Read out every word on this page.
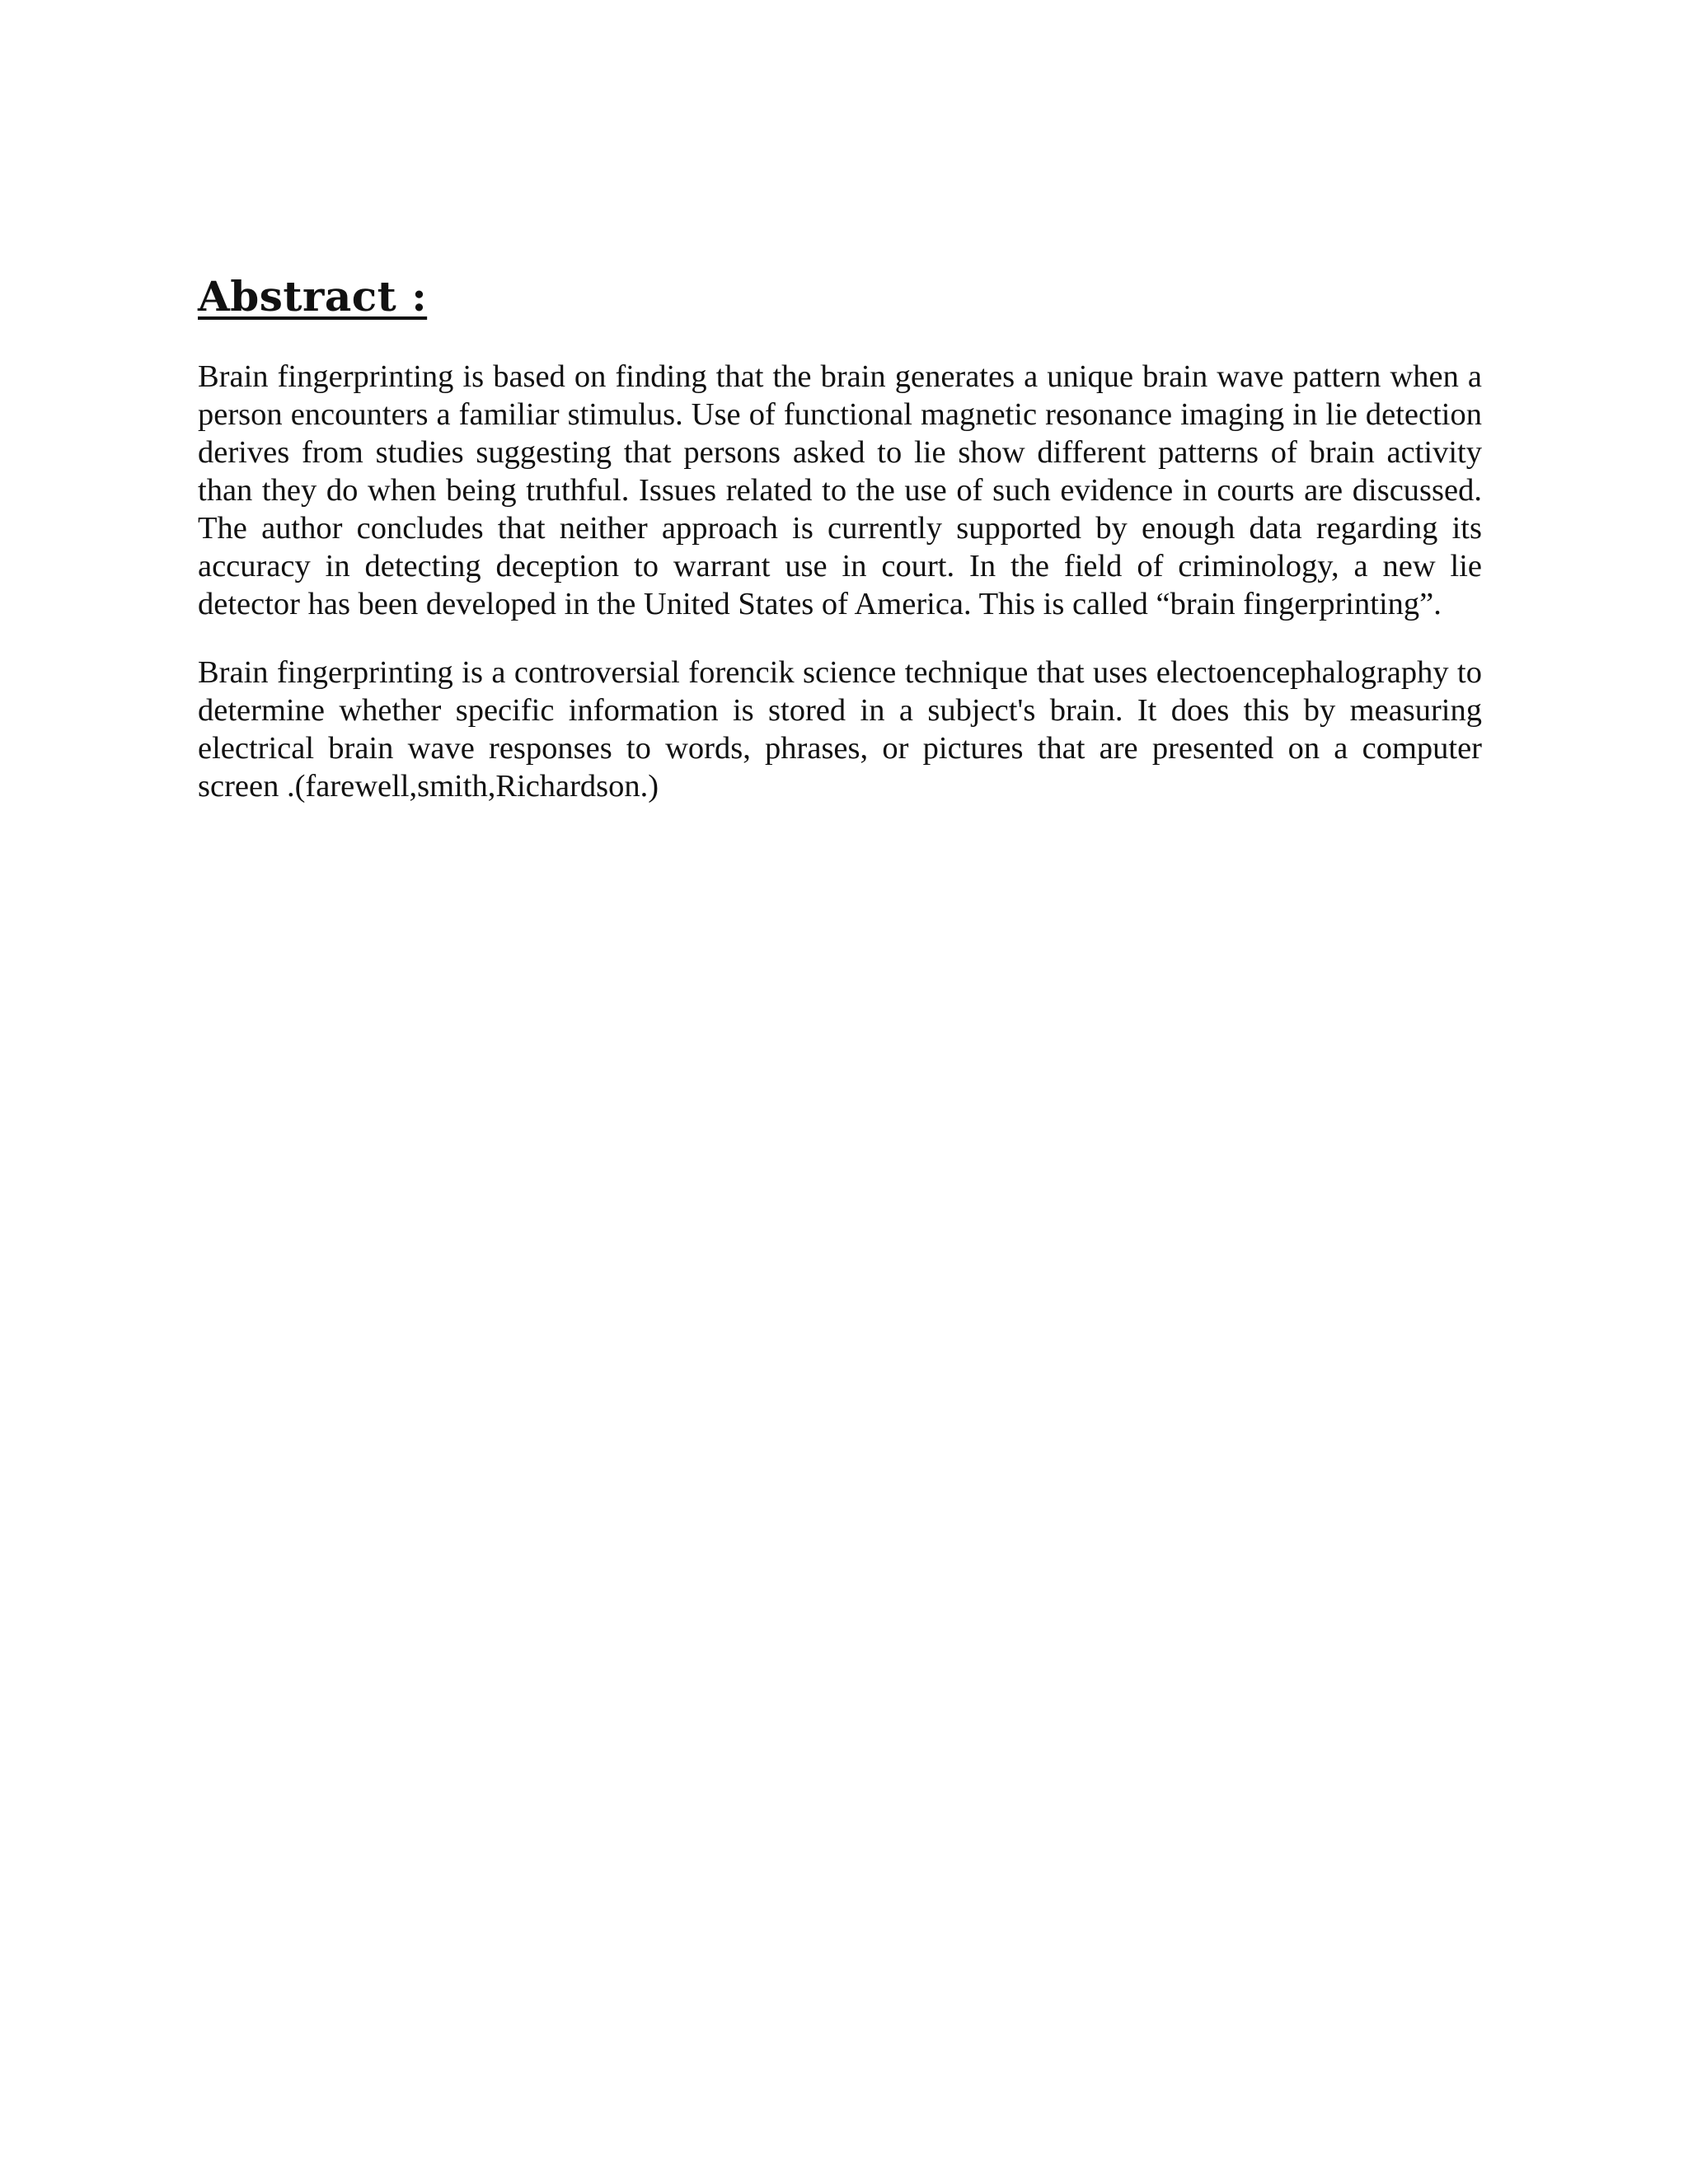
Abstract :

Brain fingerprinting is based on finding that the brain generates a unique brain wave pattern when a person encounters a familiar stimulus. Use of functional magnetic resonance imaging in lie detection derives from studies suggesting that persons asked to lie show different patterns of brain activity than they do when being truthful. Issues related to the use of such evidence in courts are discussed. The author concludes that neither approach is currently supported by enough data regarding its accuracy in detecting deception to warrant use in court. In the field of criminology, a new lie detector has been developed in the United States of America. This is called “brain fingerprinting”.

Brain fingerprinting is a controversial forencik science technique that uses electoencephalography to determine whether specific information is stored in a subject's brain. It does this by measuring electrical brain wave responses to words, phrases, or pictures that are presented on a computer screen .(farewell,smith,Richardson.)
